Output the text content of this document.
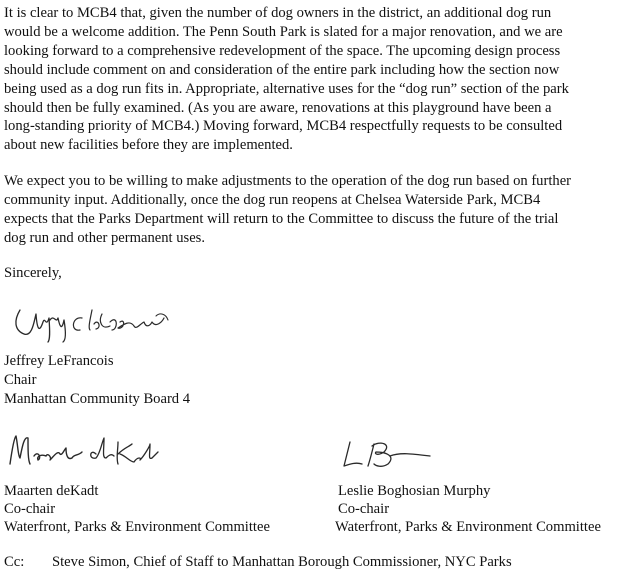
It is clear to MCB4 that, given the number of dog owners in the district, an additional dog run
would be a welcome addition. The Penn South Park is slated for a major renovation, and we are
looking forward to a comprehensive redevelopment of the space. The upcoming design process
should include comment on and consideration of the entire park including how the section now
being used as a dog run fits in. Appropriate, alternative uses for the “dog run” section of the park
should then be fully examined. (As you are aware, renovations at this playground have been a
long-standing priority of MCB4.) Moving forward, MCB4 respectfully requests to be consulted
about new facilities before they are implemented.
We expect you to be willing to make adjustments to the operation of the dog run based on further
community input. Additionally, once the dog run reopens at Chelsea Waterside Park, MCB4
expects that the Parks Department will return to the Committee to discuss the future of the trial
dog run and other permanent uses.
Sincerely,
Jeffrey LeFrancois
Chair
Manhattan Community Board 4
Maarten deKadt
Co-chair
Waterfront, Parks & Environment Committee
Leslie Boghosian Murphy
Co-chair
Waterfront, Parks & Environment Committee
Cc: Steve Simon, Chief of Staff to Manhattan Borough Commissioner, NYC Parks
